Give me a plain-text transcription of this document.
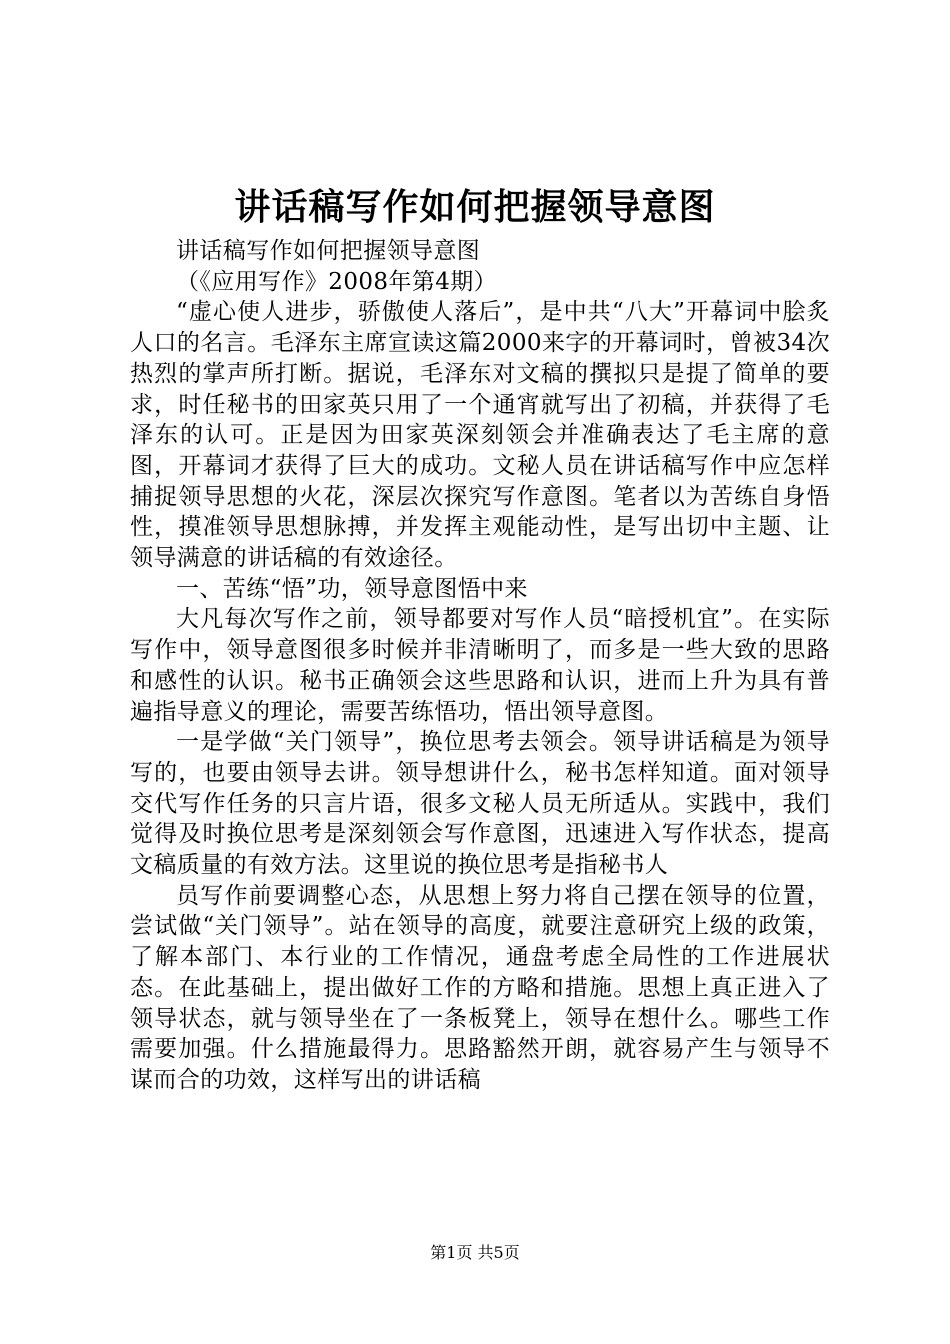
讲话稿写作如何把握领导意图

讲话稿写作如何把握领导意图

（《应用写作》2008年第4期）

“虚心使人进步，骄傲使人落后”，是中共“八大”开幕词中脍炙人口的名言。毛泽东主席宣读这篇2000来字的开幕词时，曾被34次热烈的掌声所打断。据说，毛泽东对文稿的撰拟只是提了简单的要求，时任秘书的田家英只用了一个通宵就写出了初稿，并获得了毛泽东的认可。正是因为田家英深刻领会并准确表达了毛主席的意图，开幕词才获得了巨大的成功。文秘人员在讲话稿写作中应怎样捕捉领导思想的火花，深层次探究写作意图。笔者以为苦练自身悟性，摸准领导思想脉搏，并发挥主观能动性，是写出切中主题、让领导满意的讲话稿的有效途径。

一、苦练“悟”功，领导意图悟中来

大凡每次写作之前，领导都要对写作人员“暗授机宜”。在实际写作中，领导意图很多时候并非清晰明了，而多是一些大致的思路和感性的认识。秘书正确领会这些思路和认识，进而上升为具有普遍指导意义的理论，需要苦练悟功，悟出领导意图。

一是学做“关门领导”，换位思考去领会。领导讲话稿是为领导写的，也要由领导去讲。领导想讲什么，秘书怎样知道。面对领导交代写作任务的只言片语，很多文秘人员无所适从。实践中，我们觉得及时换位思考是深刻领会写作意图，迅速进入写作状态，提高文稿质量的有效方法。这里说的换位思考是指秘书人

员写作前要调整心态，从思想上努力将自己摆在领导的位置，尝试做“关门领导”。站在领导的高度，就要注意研究上级的政策，了解本部门、本行业的工作情况，通盘考虑全局性的工作进展状态。在此基础上，提出做好工作的方略和措施。思想上真正进入了领导状态，就与领导坐在了一条板凳上，领导在想什么。哪些工作需要加强。什么措施最得力。思路豁然开朗，就容易产生与领导不谋而合的功效，这样写出的讲话稿

第1页 共5页
